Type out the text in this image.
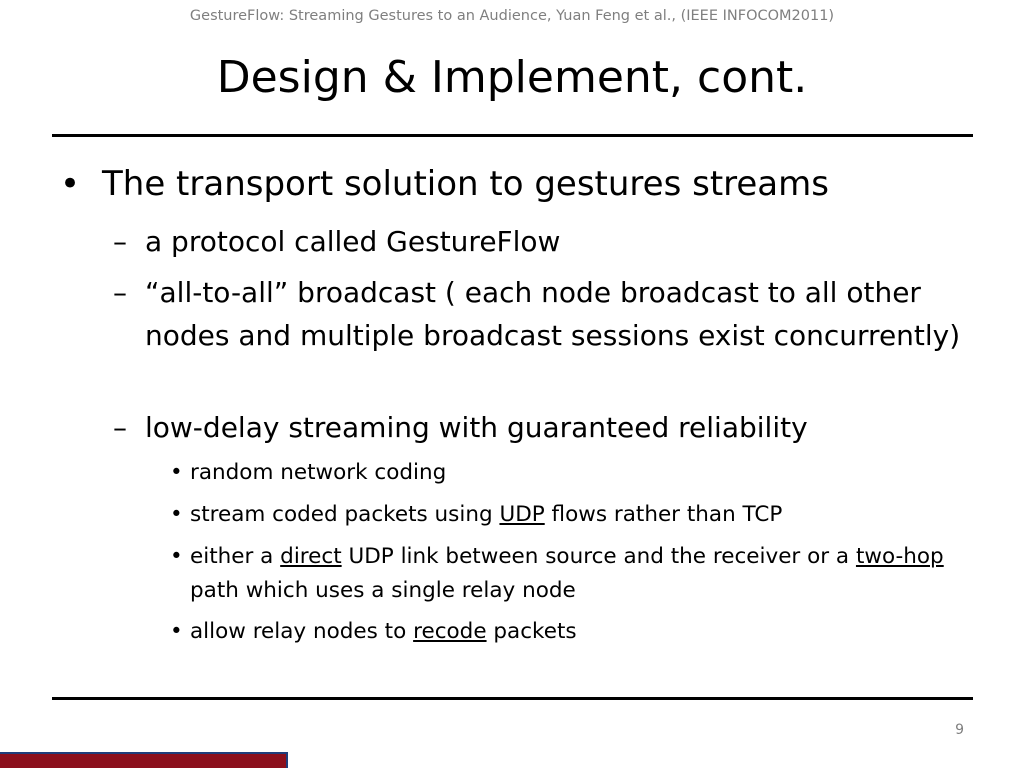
GestureFlow: Streaming Gestures to an Audience, Yuan Feng et al., (IEEE INFOCOM2011)
Design & Implement, cont.
• The transport solution to gestures streams
– a protocol called GestureFlow
– “all-to-all” broadcast ( each node broadcast to all other nodes and multiple broadcast sessions exist concurrently)
– low-delay streaming with guaranteed reliability
• random network coding
• stream coded packets using UDP flows rather than TCP
• either a direct UDP link between source and the receiver or a two-hop path which uses a single relay node
• allow relay nodes to recode packets
9
